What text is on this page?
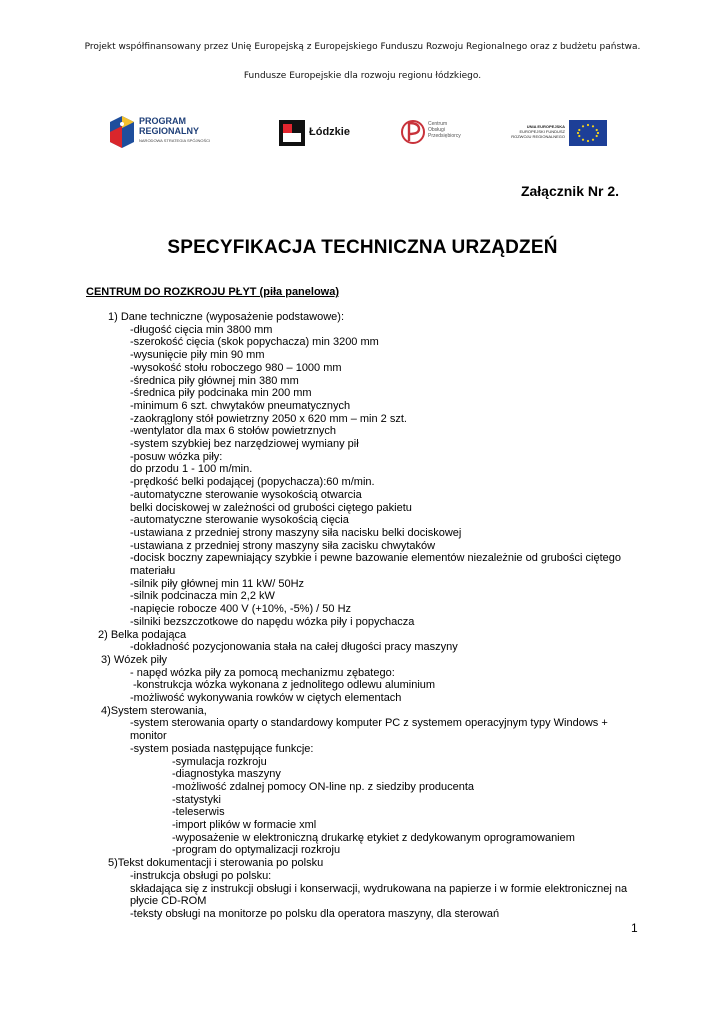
Projekt współfinansowany przez Unię Europejską z Europejskiego Funduszu Rozwoju Regionalnego oraz z budżetu państwa.
Fundusze Europejskie dla rozwoju regionu łódzkiego.
PROGRAM
REGIONALNY
NARODOWA STRATEGIA SPÓJNOŚCI
Łódzkie
Centrum
Obsługi
Przedsiębiorcy
UNIA EUROPEJSKA
EUROPEJSKI FUNDUSZ
ROZWOJU REGIONALNEGO
Załącznik Nr 2.
SPECYFIKACJA TECHNICZNA URZĄDZEŃ
CENTRUM DO ROZKROJU PŁYT (piła panelowa)
1) Dane techniczne (wyposażenie podstawowe):
-długość cięcia min 3800 mm
-szerokość cięcia (skok popychacza) min 3200 mm
-wysunięcie piły min 90 mm
-wysokość stołu roboczego 980 – 1000 mm
-średnica piły głównej min 380 mm
-średnica piły podcinaka min 200 mm
-minimum 6 szt. chwytaków pneumatycznych
-zaokrąglony stół powietrzny 2050 x 620 mm – min 2 szt.
-wentylator dla max 6 stołów powietrznych
-system szybkiej bez narzędziowej wymiany pił
-posuw wózka piły:
do przodu 1 - 100 m/min.
-prędkość belki podającej (popychacza):60 m/min.
-automatyczne sterowanie wysokością otwarcia
belki dociskowej w zależności od grubości ciętego pakietu
-automatyczne sterowanie wysokością cięcia
-ustawiana z przedniej strony maszyny siła nacisku belki dociskowej
-ustawiana z przedniej strony maszyny siła zacisku chwytaków
-docisk boczny zapewniający szybkie i pewne bazowanie elementów niezależnie od grubości ciętego
materiału
-silnik piły głównej min 11 kW/ 50Hz
-silnik podcinacza min 2,2 kW
-napięcie robocze 400 V (+10%, -5%) / 50 Hz
-silniki bezszczotkowe do napędu wózka piły i popychacza
2) Belka podająca
-dokładność pozycjonowania stała na całej długości pracy maszyny
3) Wózek piły
- napęd wózka piły za pomocą mechanizmu zębatego:
-konstrukcja wózka wykonana z jednolitego odlewu aluminium
-możliwość wykonywania rowków w ciętych elementach
4)System sterowania,
-system sterowania oparty o standardowy komputer PC z systemem operacyjnym typy Windows +
monitor
-system posiada następujące funkcje:
-symulacja rozkroju
-diagnostyka maszyny
-możliwość zdalnej pomocy ON-line np. z siedziby producenta
-statystyki
-teleserwis
-import plików w formacie xml
-wyposażenie w elektroniczną drukarkę etykiet z dedykowanym oprogramowaniem
-program do optymalizacji rozkroju
5)Tekst dokumentacji i sterowania po polsku
-instrukcja obsługi po polsku:
składająca się z instrukcji obsługi i konserwacji, wydrukowana na papierze i w formie elektronicznej na
płycie CD-ROM
-teksty obsługi na monitorze po polsku dla operatora maszyny, dla sterowań
1
